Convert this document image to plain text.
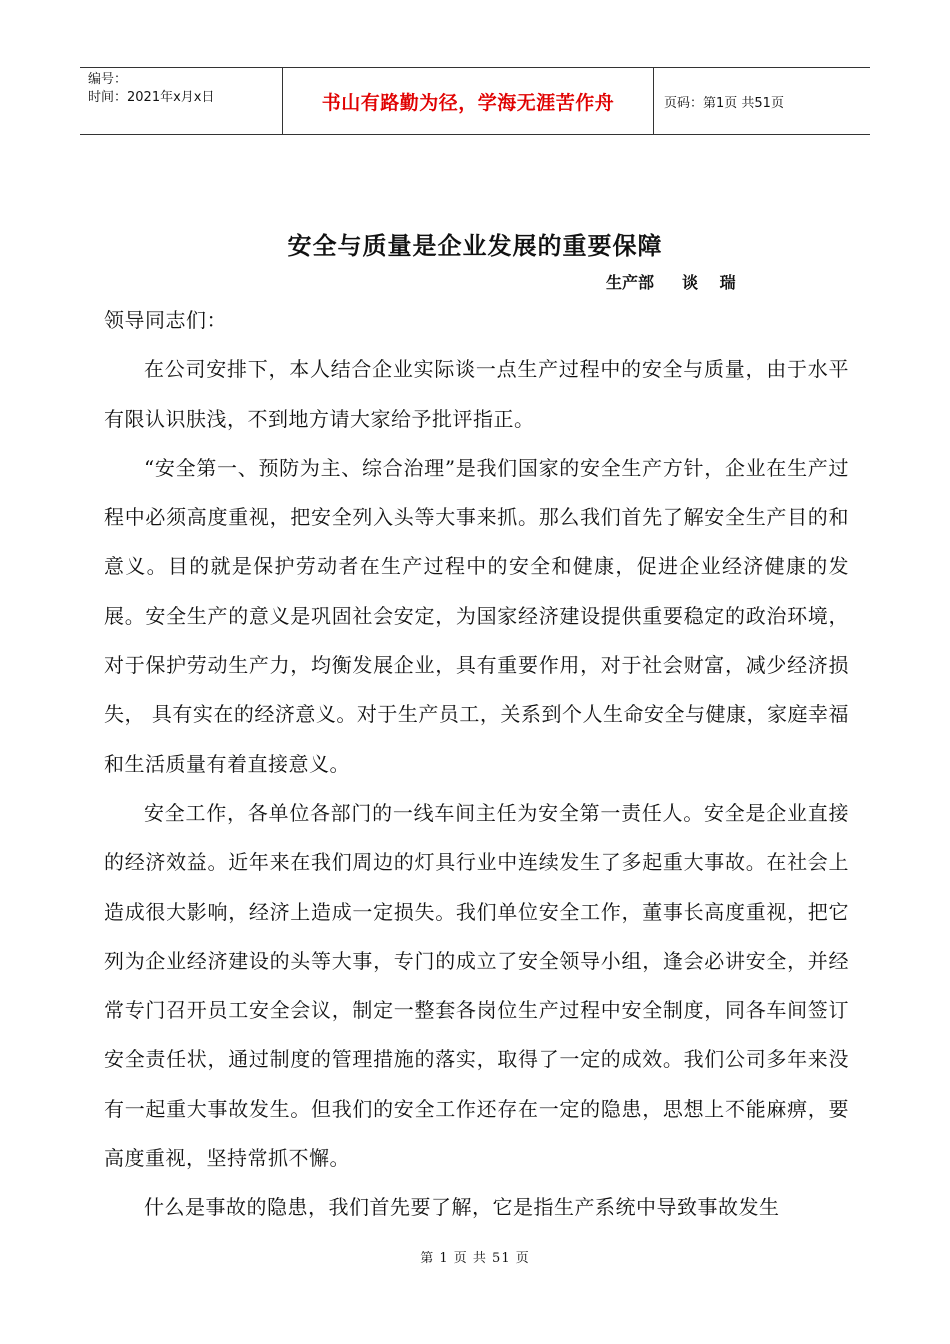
编号：
时间：2021年x月x日	书山有路勤为径，学海无涯苦作舟	页码：第1页 共51页
安全与质量是企业发展的重要保障
生产部 谈 瑞

领导同志们：

在公司安排下，本人结合企业实际谈一点生产过程中的安全与质量，由于水平有限认识肤浅，不到地方请大家给予批评指正。

“安全第一、预防为主、综合治理”是我们国家的安全生产方针，企业在生产过程中必须高度重视，把安全列入头等大事来抓。那么我们首先了解安全生产目的和意义。目的就是保护劳动者在生产过程中的安全和健康，促进企业经济健康的发展。安全生产的意义是巩固社会安定，为国家经济建设提供重要稳定的政治环境，对于保护劳动生产力，均衡发展企业，具有重要作用，对于社会财富，减少经济损失， 具有实在的经济意义。对于生产员工，关系到个人生命安全与健康，家庭幸福和生活质量有着直接意义。

安全工作，各单位各部门的一线车间主任为安全第一责任人。安全是企业直接的经济效益。近年来在我们周边的灯具行业中连续发生了多起重大事故。在社会上造成很大影响，经济上造成一定损失。我们单位安全工作，董事长高度重视，把它列为企业经济建设的头等大事，专门的成立了安全领导小组，逢会必讲安全，并经常专门召开员工安全会议，制定一整套各岗位生产过程中安全制度，同各车间签订安全责任状，通过制度的管理措施的落实，取得了一定的成效。我们公司多年来没有一起重大事故发生。但我们的安全工作还存在一定的隐患，思想上不能麻痹，要高度重视，坚持常抓不懈。

什么是事故的隐患，我们首先要了解，它是指生产系统中导致事故发生

第 1 页 共 51 页
